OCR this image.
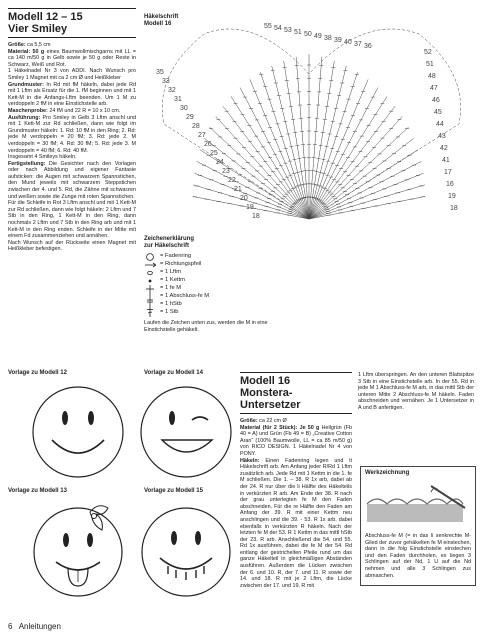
Modell 12 – 15
Vier Smiley
Größe: ca 5,5 cm
Material: 50 g eines Baumwollmischgarns mit LL = ca 140 m/50 g in Gelb sowie je 50 g oder Reste in Schwarz, Weiß und Rot.
1 Häkelnadel Nr 3 von ADDI. Nach Wunsch pro Smiley 1 Magnet mit ca 2 cm Ø und Heißkleber
Grundmuster: In Rd mit fM häkeln, dabei jede Rd mit 1 Lftm als Ersatz für die 1. fM beginnen und mit 1 Kett-M in die Anfangs-Lftm beenden. Um 1 M zu verdoppeln 2 fM in eine Einstichstelle arb.
Maschenprobe: 24 fM und 22 R = 10 x 10 cm.
Ausführung: Pro Smiley in Gelb 3 Lftm anschl und mit 1 Kett-M zur Rd schließen, dann wie folgt im Grundmuster häkeln: 1. Rd: 10 fM in den Ring; 2. Rd: jede M verdoppeln = 20 fM; 3. Rd: jede 2. M verdoppeln = 30 fM; 4. Rd: 30 fM; 5. Rd: jede 3. M verdoppeln = 40 fM; 6. Rd: 40 fM.
Insgesamt 4 Smileys häkeln.
Fertigstellung: Die Gesichter nach den Vorlagen oder nach Abbildung und eigener Fantasie aufsticken: die Augen mit schwarzem Spannstichen, den Mund jeweils mit schwarzem Steppstichen zwischen der 4. und 5. Rd, die Zähne mit schwarzen und weißen sowie die Zunge mit roten Spannstichen.
Für die Schleife in Rot 3 Lftm anschl und mit 1 Kett-M zur Rd schließen, dann wie folgt häkeln: 2 Lftm und 7 Stb in den Ring, 1 Kett-M in den Ring, dann nochmals 2 Lftm und 7 Stb in den Ring arb und mit 1 Kett-M in den Ring enden. Schleife in der Mitte mit einem Fd zusammenziehen und annähen.
Nach Wunsch auf der Rückseite einen Magnet mit Heißkleber befestigen.
Häkelschrift
Modell 16
35
33
32
31
30
29
28
27
26
25
24
23
22
21
20
19
18
55 54 53 51 50 49 38 39 40 37 36
52
51
48
47
46
45
44
43
42
41
17
16
19
18
Zeichenerklärung
zur Häkelschrift
= Fadenring
= Richtungspfeil
= 1 Lftm
= 1 Kettm
= 1 fe M
= 1 Abschluss-fe M
= 1 hStb
= 1 Stb
Laufen die Zeichen unten zus, werden die M in eine Einstichstelle gehäkelt.
Vorlage zu Modell 12	Vorlage zu Modell 14
Vorlage zu Modell 13	Vorlage zu Modell 15
Modell 16
Monstera-Untersetzer
Größe: ca 22 cm Ø
Material (für 2 Stück): Je 50 g Hellgrün (Fb 40 = A) und Grün (Fb 49 = B) „Creative Cotton Aran“ (100% Baumwolle, LL = ca 85 m/50 g) von RICO DESIGN. 1 Häkelnadel Nr 4 von PONY.
Häkeln: Einen Fadenring legen und lt Häkelschrift arb. Am Anfang jeder R/Rd 1 Lftm zusätzlich arb. Jede Rd mit 1 Kettm in die 1. fe M schließen. Die 1. – 38. R 1x arb, dabei ab der 24. R nur über die li Hälfte des Häkelteils in verkürzten R arb. Am Ende der 38. R nach der grau unterlegten fe M den Faden abschneiden. Für die re Hälfte den Faden am Anfang der 39. R mit einer Kettm neu anschlingen und die 39. - 53. R 1x arb, dabei ebenfalls in verkürzten R häkeln. Nach der letzten fe M der 53. R 1 Kettm in das mittl hStb der 23. R arb. Anschließend die 54. und 55. Rd 1x ausführen, dabei die fe M der 54. Rd entlang der gestrichelten Pfeile rund um das ganze Häkelteil in gleichmäßigen Abständen ausführen. Außerdem die Lücken zwischen der 6. und 10. R, der 7. und 11. R sowie der 14. und 18. R mit je 2 Lftm, die Lücke zwischen der 17. und 19. R mit
1 Lftm überspringen. An den unteren Blattspitze 3 Stb in eine Einstichstelle arb. In der 55. Rd in jede M 1 Abschluss-fe M arb, in das mittl Stb der unteren Mitte 2 Abschluss-fe M häkeln. Faden abschneiden und vernähen. Je 1 Untersetzer in A und B anfertigen.
Werkzeichnung
Abschluss-fe M (= in das li senkrechte M-Glied der zuvor gehäkelten fe M einstechen, dann in die folg Einstichstelle einstechen und den Faden durchholen, es liegen 3 Schlingen auf der Nd, 1 U auf die Nd nehmen und alle 3 Schlingen zus abmaschen.
6 Anleitungen
